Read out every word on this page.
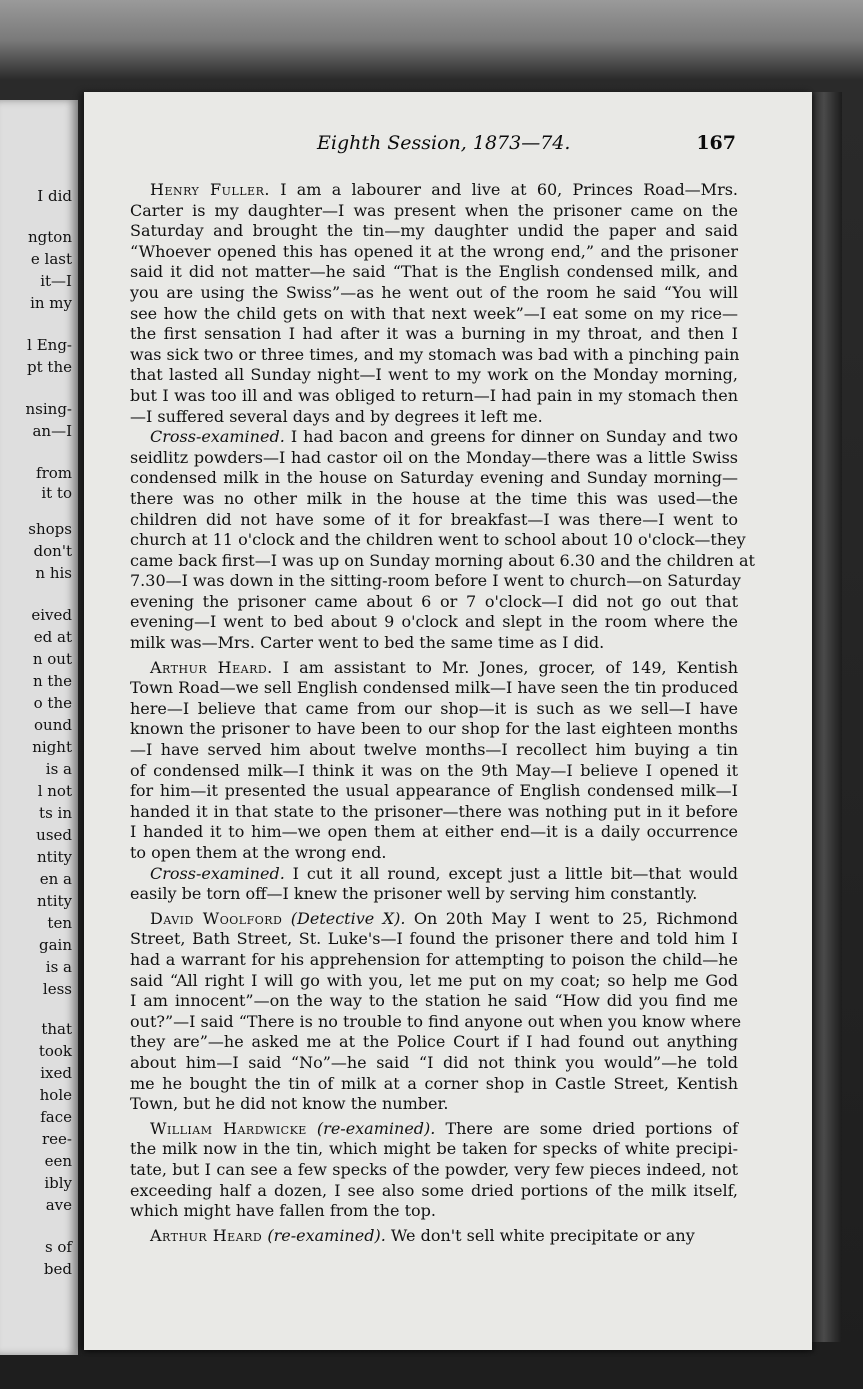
I did
ngton
e last
it—I
in my
l Eng-
pt the
nsing-
an—I
from
it to
shops
don't
n his
eived
ed at
n out
n the
o the
ound
night
is a
l not
ts in
used
ntity
en a
ntity
ten
gain
is a
less
that
took
ixed
hole
face
ree-
een
ibly
ave
s of
bed
Eighth Session, 1873—74.	167
Henry Fuller. I am a labourer and live at 60, Princes Road—Mrs.
Carter is my daughter—I was present when the prisoner came on the
Saturday and brought the tin—my daughter undid the paper and said
“Whoever opened this has opened it at the wrong end,” and the prisoner
said it did not matter—he said “That is the English condensed milk, and
you are using the Swiss”—as he went out of the room he said “You will
see how the child gets on with that next week”—I eat some on my rice—
the first sensation I had after it was a burning in my throat, and then I
was sick two or three times, and my stomach was bad with a pinching pain
that lasted all Sunday night—I went to my work on the Monday morning,
but I was too ill and was obliged to return—I had pain in my stomach then
—I suffered several days and by degrees it left me.
Cross-examined. I had bacon and greens for dinner on Sunday and two
seidlitz powders—I had castor oil on the Monday—there was a little Swiss
condensed milk in the house on Saturday evening and Sunday morning—
there was no other milk in the house at the time this was used—the
children did not have some of it for breakfast—I was there—I went to
church at 11 o'clock and the children went to school about 10 o'clock—they
came back first—I was up on Sunday morning about 6.30 and the children at
7.30—I was down in the sitting-room before I went to church—on Saturday
evening the prisoner came about 6 or 7 o'clock—I did not go out that
evening—I went to bed about 9 o'clock and slept in the room where the
milk was—Mrs. Carter went to bed the same time as I did.
Arthur Heard. I am assistant to Mr. Jones, grocer, of 149, Kentish
Town Road—we sell English condensed milk—I have seen the tin produced
here—I believe that came from our shop—it is such as we sell—I have
known the prisoner to have been to our shop for the last eighteen months
—I have served him about twelve months—I recollect him buying a tin
of condensed milk—I think it was on the 9th May—I believe I opened it
for him—it presented the usual appearance of English condensed milk—I
handed it in that state to the prisoner—there was nothing put in it before
I handed it to him—we open them at either end—it is a daily occurrence
to open them at the wrong end.
Cross-examined. I cut it all round, except just a little bit—that would
easily be torn off—I knew the prisoner well by serving him constantly.
David Woolford (Detective X). On 20th May I went to 25, Richmond
Street, Bath Street, St. Luke's—I found the prisoner there and told him I
had a warrant for his apprehension for attempting to poison the child—he
said “All right I will go with you, let me put on my coat; so help me God
I am innocent”—on the way to the station he said “How did you find me
out?”—I said “There is no trouble to find anyone out when you know where
they are”—he asked me at the Police Court if I had found out anything
about him—I said “No”—he said “I did not think you would”—he told
me he bought the tin of milk at a corner shop in Castle Street, Kentish
Town, but he did not know the number.
William Hardwicke (re-examined). There are some dried portions of
the milk now in the tin, which might be taken for specks of white precipi-
tate, but I can see a few specks of the powder, very few pieces indeed, not
exceeding half a dozen, I see also some dried portions of the milk itself,
which might have fallen from the top.
Arthur Heard (re-examined). We don't sell white precipitate or any
